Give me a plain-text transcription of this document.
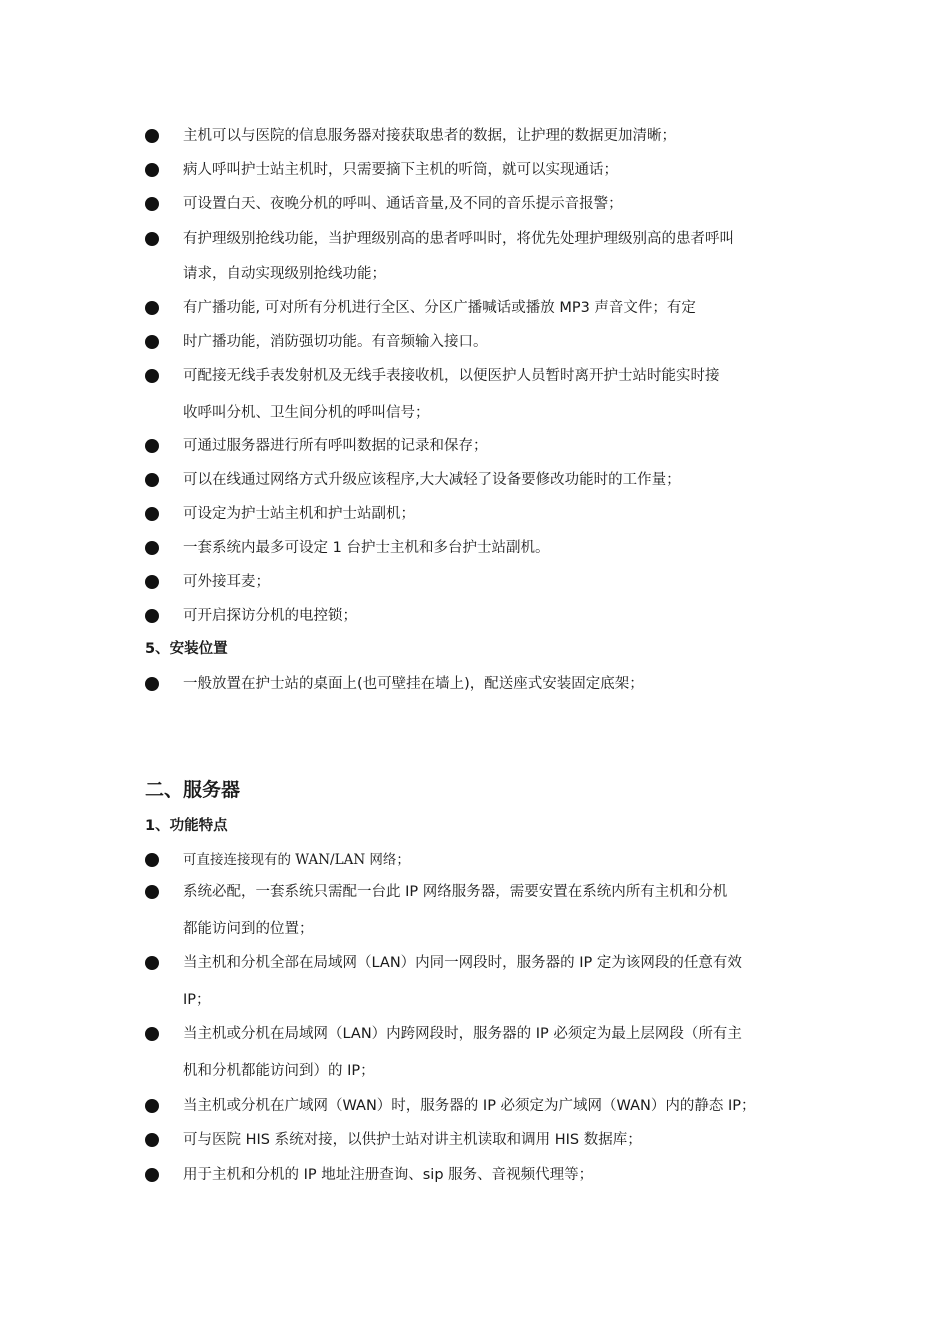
主机可以与医院的信息服务器对接获取患者的数据，让护理的数据更加清晰；
病人呼叫护士站主机时，只需要摘下主机的听筒，就可以实现通话；
可设置白天、夜晚分机的呼叫、通话音量,及不同的音乐提示音报警；
有护理级别抢线功能，当护理级别高的患者呼叫时，将优先处理护理级别高的患者呼叫
请求，自动实现级别抢线功能；
有广播功能, 可对所有分机进行全区、分区广播喊话或播放 MP3 声音文件；有定
时广播功能，消防强切功能。有音频输入接口。
可配接无线手表发射机及无线手表接收机，以便医护人员暂时离开护士站时能实时接
收呼叫分机、卫生间分机的呼叫信号；
可通过服务器进行所有呼叫数据的记录和保存；
可以在线通过网络方式升级应该程序,大大减轻了设备要修改功能时的工作量；
可设定为护士站主机和护士站副机；
一套系统内最多可设定 1 台护士主机和多台护士站副机。
可外接耳麦；
可开启探访分机的电控锁；
5、安装位置
一般放置在护士站的桌面上(也可壁挂在墙上)，配送座式安装固定底架；
二、服务器
1、功能特点
可直接连接现有的 WAN/LAN 网络；
系统必配，一套系统只需配一台此 IP 网络服务器，需要安置在系统内所有主机和分机
都能访问到的位置；
当主机和分机全部在局域网（LAN）内同一网段时，服务器的 IP 定为该网段的任意有效
IP；
当主机或分机在局域网（LAN）内跨网段时，服务器的 IP 必须定为最上层网段（所有主
机和分机都能访问到）的 IP；
当主机或分机在广域网（WAN）时，服务器的 IP 必须定为广域网（WAN）内的静态 IP；
可与医院 HIS 系统对接，以供护士站对讲主机读取和调用 HIS 数据库；
用于主机和分机的 IP 地址注册查询、sip 服务、音视频代理等；
